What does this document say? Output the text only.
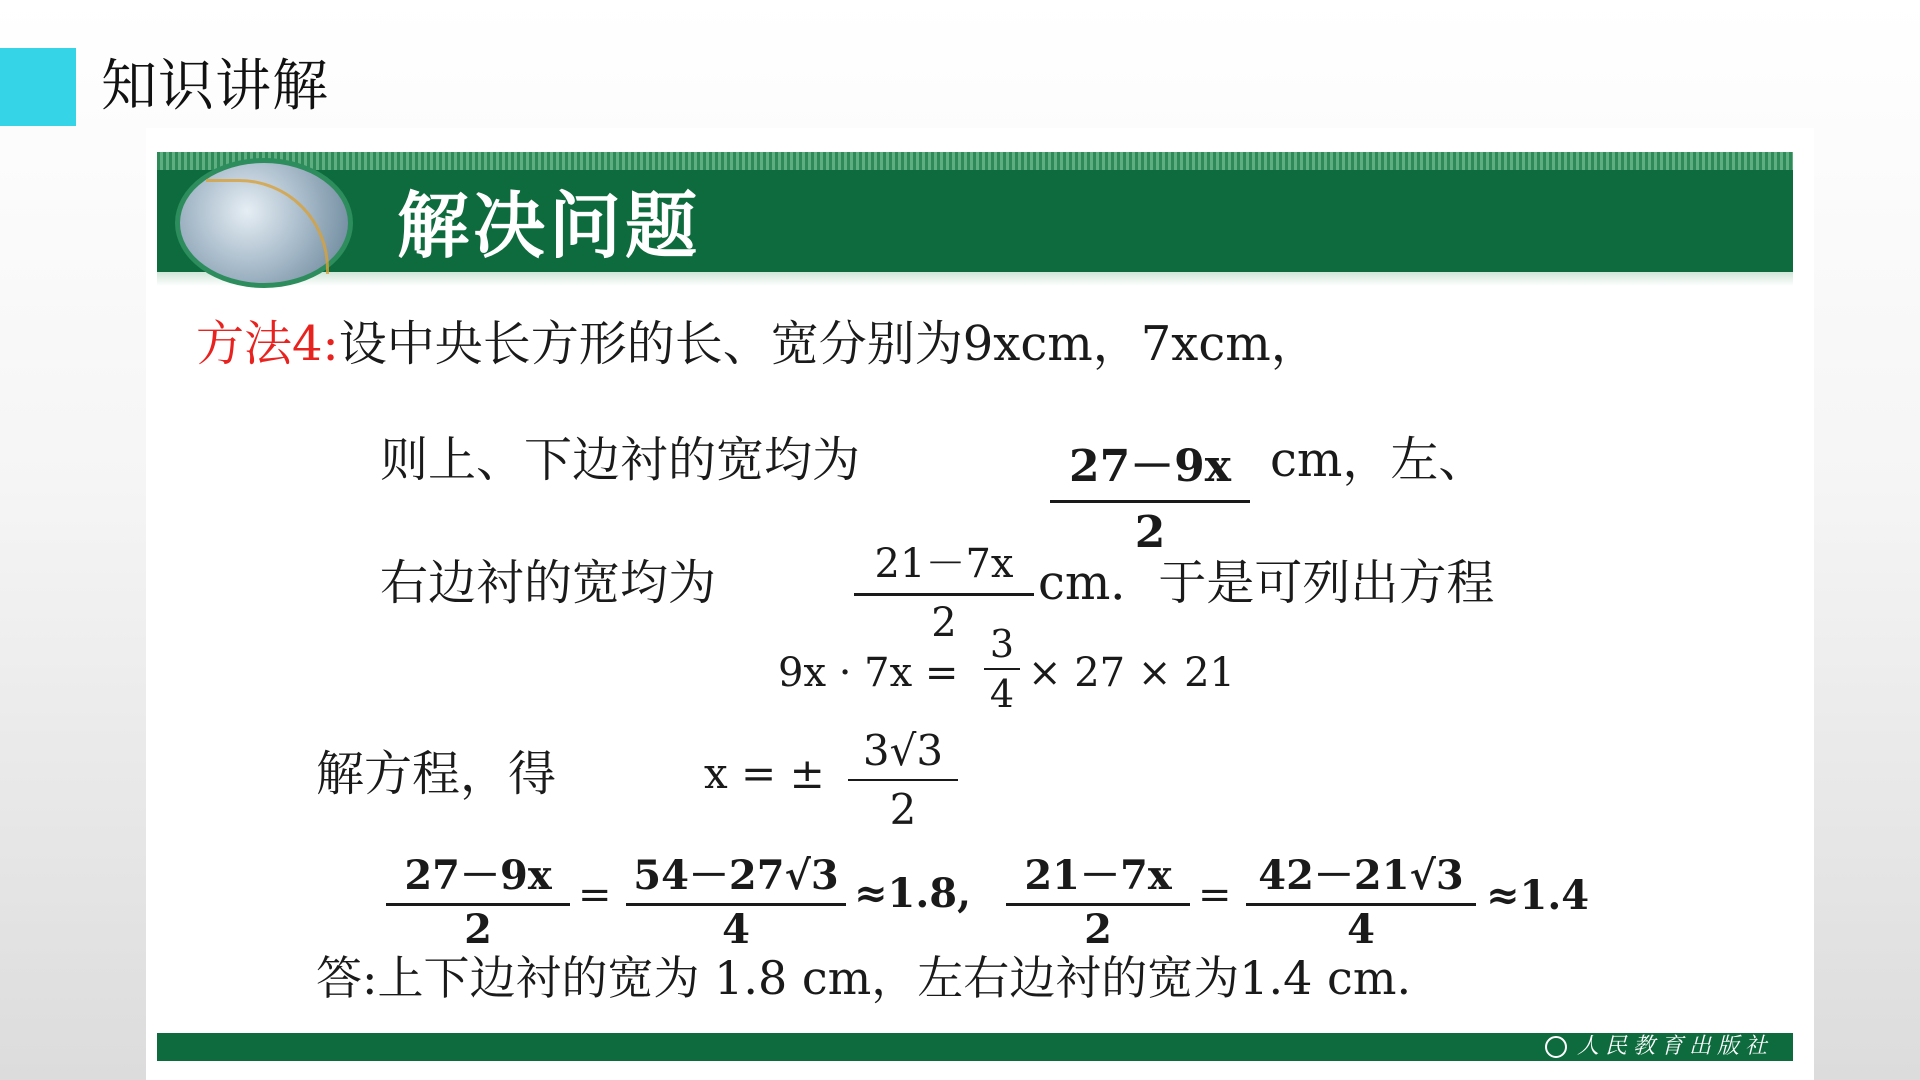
知识讲解
解决问题
方法4:设中央长方形的长、宽分别为9xcm，7xcm，
则上、下边衬的宽均为	$\frac{27-9x}{2}$ cm，左、
右边衬的宽均为	$\frac{21-7x}{2}$ cm．于是可列出方程
$9x \cdot 7x = \frac{3}{4} \times 27 \times 21$
解方程，得	x = ± $\frac{3√3}{2}$
$\frac{27-9x}{2} = \frac{54-27√3}{4} \approx 1.8$, $\frac{21-7x}{2} = \frac{42-21√3}{4} \approx 1.4$
人民教育出版社
答:上下边衬的宽为 1.8 cm，左右边衬的宽为1.4 cm.
